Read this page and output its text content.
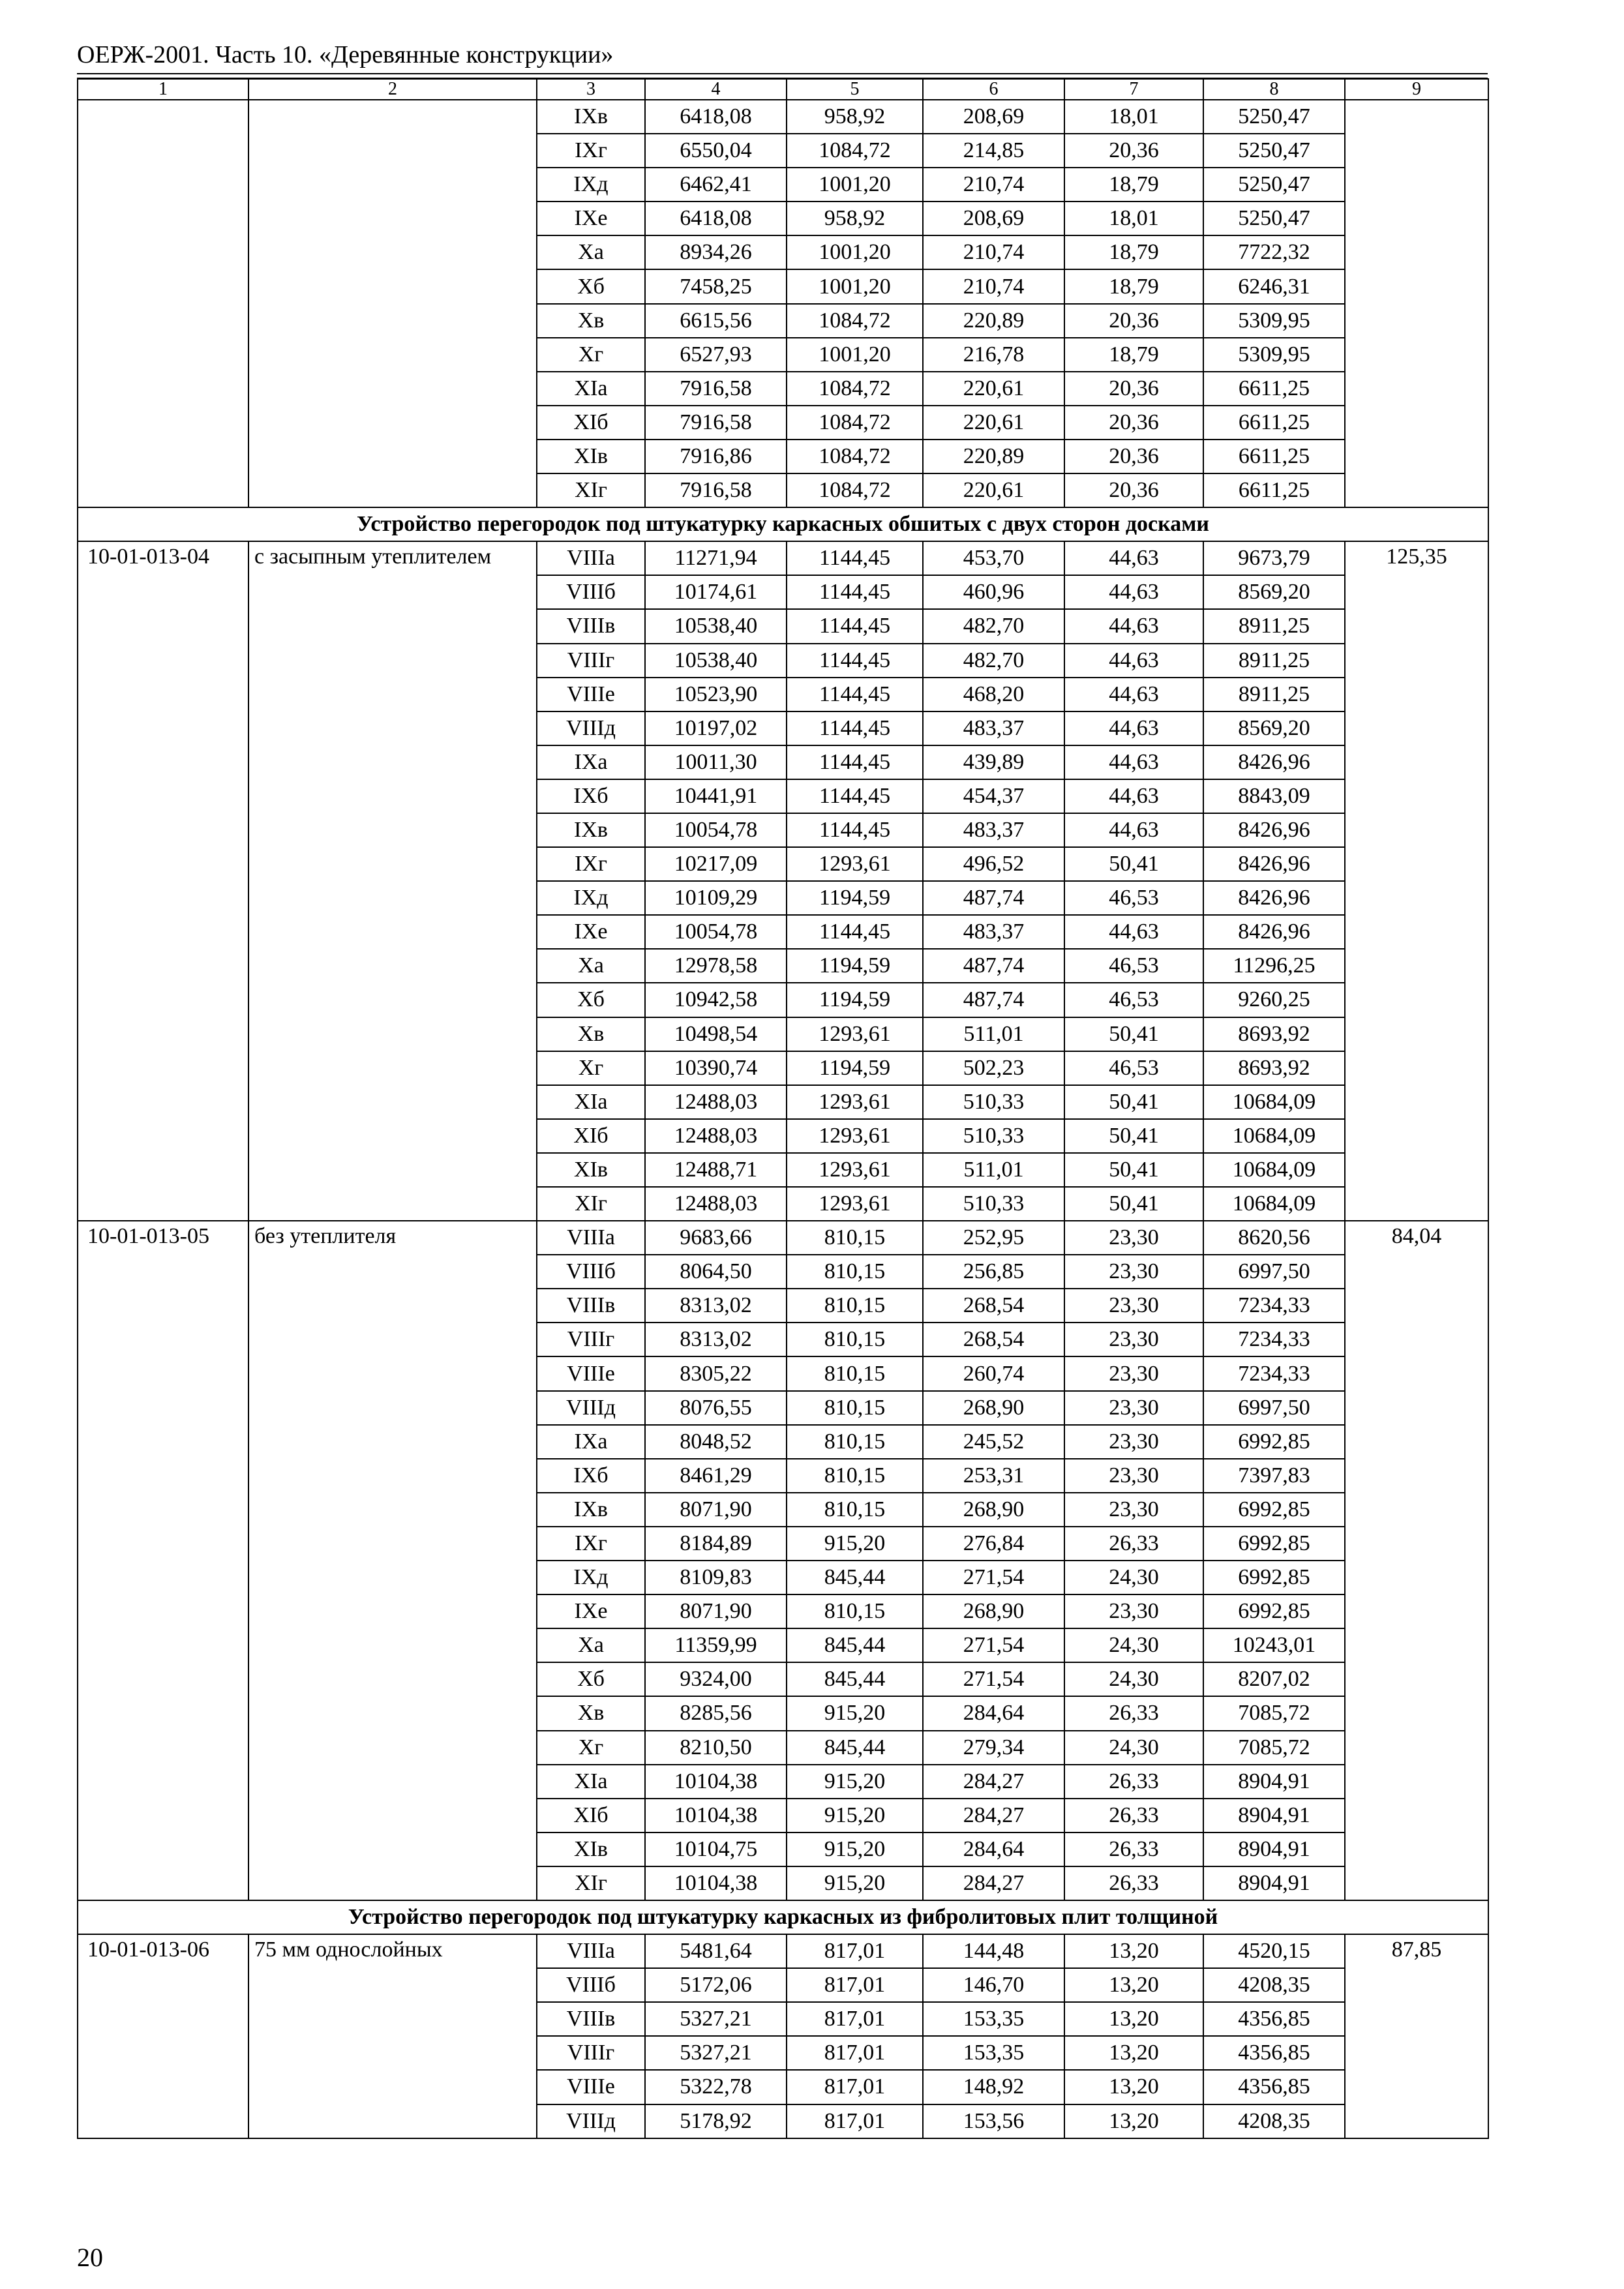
ОЕРЖ-2001. Часть 10. «Деревянные конструкции»
1	2	3	4	5	6	7	8	9
		IXв	6418,08	958,92	208,69	18,01	5250,47	
		IXг	6550,04	1084,72	214,85	20,36	5250,47	
		IXд	6462,41	1001,20	210,74	18,79	5250,47	
		IXе	6418,08	958,92	208,69	18,01	5250,47	
		Xа	8934,26	1001,20	210,74	18,79	7722,32	
		Xб	7458,25	1001,20	210,74	18,79	6246,31	
		Xв	6615,56	1084,72	220,89	20,36	5309,95	
		Xг	6527,93	1001,20	216,78	18,79	5309,95	
		XIа	7916,58	1084,72	220,61	20,36	6611,25	
		XIб	7916,58	1084,72	220,61	20,36	6611,25	
		XIв	7916,86	1084,72	220,89	20,36	6611,25	
		XIг	7916,58	1084,72	220,61	20,36	6611,25	
Устройство перегородок под штукатурку каркасных обшитых с двух сторон досками								
10-01-013-04	с засыпным утеплителем	VIIIа	11271,94	1144,45	453,70	44,63	9673,79	125,35
		VIIIб	10174,61	1144,45	460,96	44,63	8569,20	
		VIIIв	10538,40	1144,45	482,70	44,63	8911,25	
		VIIIг	10538,40	1144,45	482,70	44,63	8911,25	
		VIIIе	10523,90	1144,45	468,20	44,63	8911,25	
		VIIIд	10197,02	1144,45	483,37	44,63	8569,20	
		IXа	10011,30	1144,45	439,89	44,63	8426,96	
		IXб	10441,91	1144,45	454,37	44,63	8843,09	
		IXв	10054,78	1144,45	483,37	44,63	8426,96	
		IXг	10217,09	1293,61	496,52	50,41	8426,96	
		IXд	10109,29	1194,59	487,74	46,53	8426,96	
		IXе	10054,78	1144,45	483,37	44,63	8426,96	
		Xа	12978,58	1194,59	487,74	46,53	11296,25	
		Xб	10942,58	1194,59	487,74	46,53	9260,25	
		Xв	10498,54	1293,61	511,01	50,41	8693,92	
		Xг	10390,74	1194,59	502,23	46,53	8693,92	
		XIа	12488,03	1293,61	510,33	50,41	10684,09	
		XIб	12488,03	1293,61	510,33	50,41	10684,09	
		XIв	12488,71	1293,61	511,01	50,41	10684,09	
		XIг	12488,03	1293,61	510,33	50,41	10684,09	
10-01-013-05	без утеплителя	VIIIа	9683,66	810,15	252,95	23,30	8620,56	84,04
		VIIIб	8064,50	810,15	256,85	23,30	6997,50	
		VIIIв	8313,02	810,15	268,54	23,30	7234,33	
		VIIIг	8313,02	810,15	268,54	23,30	7234,33	
		VIIIе	8305,22	810,15	260,74	23,30	7234,33	
		VIIIд	8076,55	810,15	268,90	23,30	6997,50	
		IXа	8048,52	810,15	245,52	23,30	6992,85	
		IXб	8461,29	810,15	253,31	23,30	7397,83	
		IXв	8071,90	810,15	268,90	23,30	6992,85	
		IXг	8184,89	915,20	276,84	26,33	6992,85	
		IXд	8109,83	845,44	271,54	24,30	6992,85	
		IXе	8071,90	810,15	268,90	23,30	6992,85	
		Xа	11359,99	845,44	271,54	24,30	10243,01	
		Xб	9324,00	845,44	271,54	24,30	8207,02	
		Xв	8285,56	915,20	284,64	26,33	7085,72	
		Xг	8210,50	845,44	279,34	24,30	7085,72	
		XIа	10104,38	915,20	284,27	26,33	8904,91	
		XIб	10104,38	915,20	284,27	26,33	8904,91	
		XIв	10104,75	915,20	284,64	26,33	8904,91	
		XIг	10104,38	915,20	284,27	26,33	8904,91	
Устройство перегородок под штукатурку каркасных из фибролитовых плит толщиной								
10-01-013-06	75 мм однослойных	VIIIа	5481,64	817,01	144,48	13,20	4520,15	87,85
		VIIIб	5172,06	817,01	146,70	13,20	4208,35	
		VIIIв	5327,21	817,01	153,35	13,20	4356,85	
		VIIIг	5327,21	817,01	153,35	13,20	4356,85	
		VIIIе	5322,78	817,01	148,92	13,20	4356,85	
		VIIIд	5178,92	817,01	153,56	13,20	4208,35	
20
